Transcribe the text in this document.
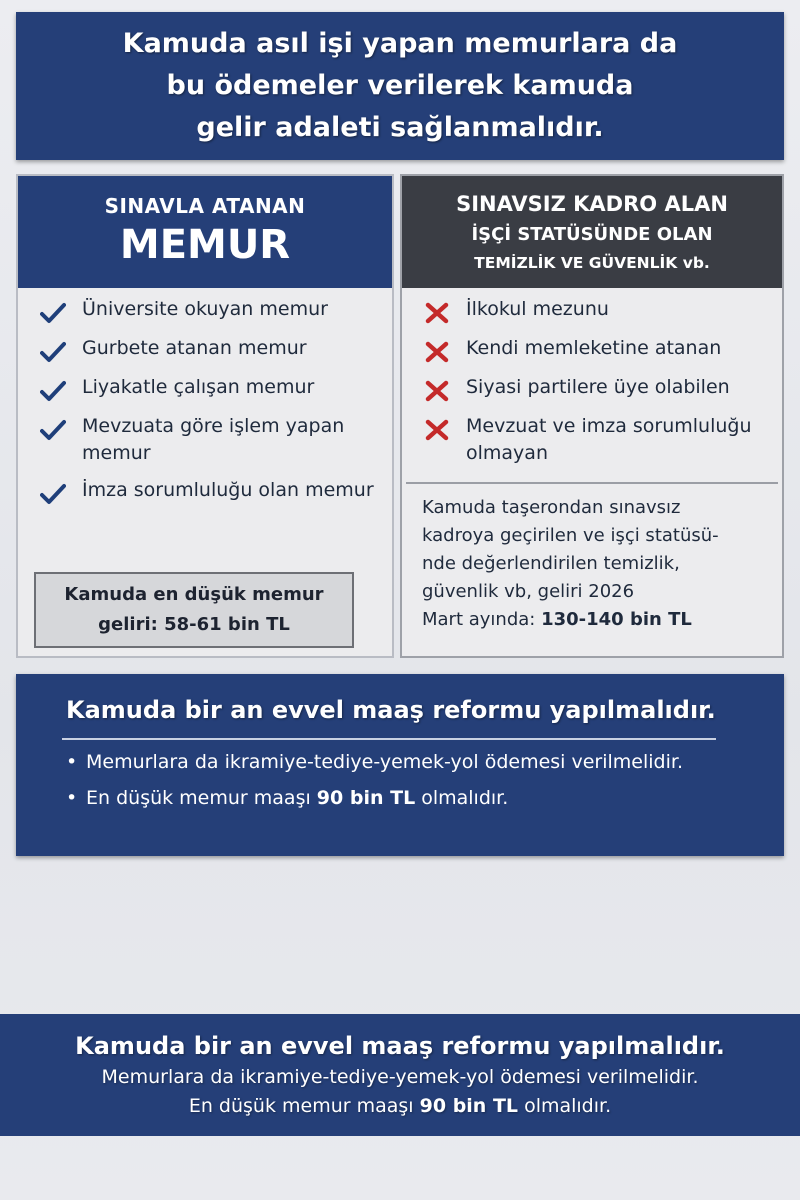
Kamuda asıl işi yapan memurlara da
bu ödemeler verilerek kamuda
gelir adaleti sağlanmalıdır.
SINAVLA ATANAN
MEMUR
Üniversite okuyan memur
Gurbete atanan memur
Liyakatle çalışan memur
Mevzuata göre işlem yapan memur
İmza sorumluluğu olan memur
Kamuda en düşük memur
geliri: 58-61 bin TL
SINAVSIZ KADRO ALAN
İŞÇİ STATÜSÜNDE OLAN
TEMİZLİK VE GÜVENLİK vb.
İlkokul mezunu
Kendi memleketine atanan
Siyasi partilere üye olabilen
Mevzuat ve imza sorumluluğu olmayan
Kamuda taşerondan sınavsız
kadroya geçirilen ve işçi statüsü-
nde değerlendirilen temizlik,
güvenlik vb, geliri 2026
Mart ayında: 130-140 bin TL
Kamuda bir an evvel maaş reformu yapılmalıdır.
• Memurlara da ikramiye-tediye-yemek-yol ödemesi verilmelidir.
• En düşük memur maaşı 90 bin TL olmalıdır.
Kamuda bir an evvel maaş reformu yapılmalıdır.
Memurlara da ikramiye-tediye-yemek-yol ödemesi verilmelidir.
En düşük memur maaşı 90 bin TL olmalıdır.
